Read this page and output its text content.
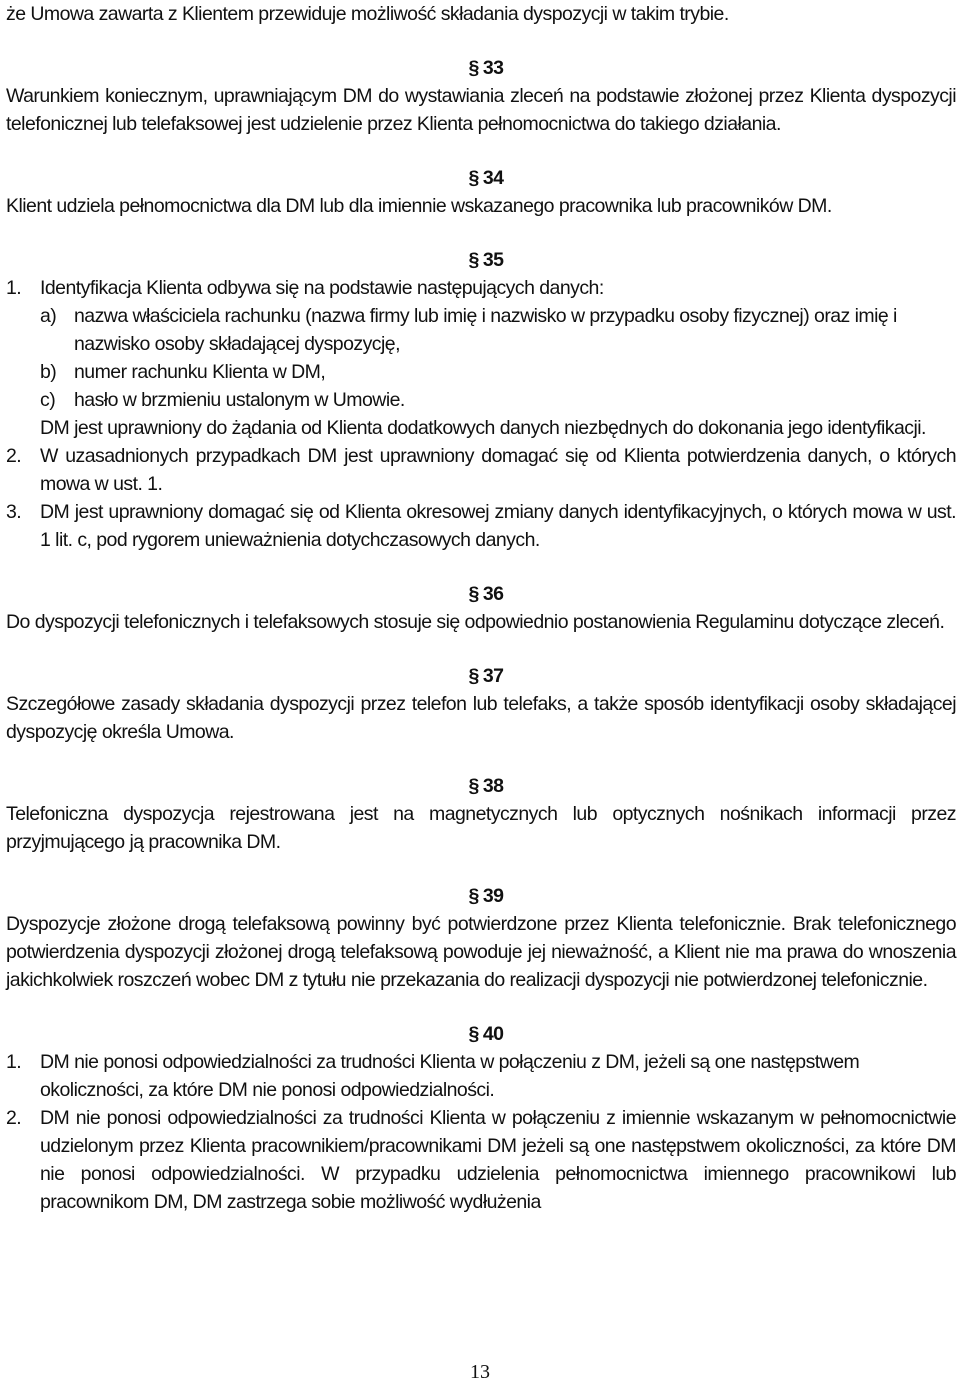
że Umowa zawarta z Klientem przewiduje możliwość składania dyspozycji w takim trybie.

§ 33

Warunkiem koniecznym, uprawniającym DM do wystawiania zleceń na podstawie złożonej przez Klienta dyspozycji telefonicznej lub telefaksowej jest udzielenie przez Klienta pełnomocnictwa do takiego działania.

§ 34

Klient udziela pełnomocnictwa dla DM lub dla imiennie wskazanego pracownika lub pracowników DM.

§ 35

1. Identyfikacja Klienta odbywa się na podstawie następujących danych:
a) nazwa właściciela rachunku (nazwa firmy lub imię i nazwisko w przypadku osoby fizycznej) oraz imię i nazwisko osoby składającej dyspozycję,
b) numer rachunku Klienta w DM,
c) hasło w brzmieniu ustalonym w Umowie.
DM jest uprawniony do żądania od Klienta dodatkowych danych niezbędnych do dokonania jego identyfikacji.
2. W uzasadnionych przypadkach DM jest uprawniony domagać się od Klienta potwierdzenia danych, o których mowa w ust. 1.
3. DM jest uprawniony domagać się od Klienta okresowej zmiany danych identyfikacyjnych, o których mowa w ust. 1 lit. c, pod rygorem unieważnienia dotychczasowych danych.

§ 36

Do dyspozycji telefonicznych i telefaksowych stosuje się odpowiednio postanowienia Regulaminu dotyczące zleceń.

§ 37

Szczegółowe zasady składania dyspozycji przez telefon lub telefaks, a także sposób identyfikacji osoby składającej dyspozycję określa Umowa.

§ 38

Telefoniczna dyspozycja rejestrowana jest na magnetycznych lub optycznych nośnikach informacji przez przyjmującego ją pracownika DM.

§ 39

Dyspozycje złożone drogą telefaksową powinny być potwierdzone przez Klienta telefonicznie. Brak telefonicznego potwierdzenia dyspozycji złożonej drogą telefaksową powoduje jej nieważność, a Klient nie ma prawa do wnoszenia jakichkolwiek roszczeń wobec DM z tytułu nie przekazania do realizacji dyspozycji nie potwierdzonej telefonicznie.

§ 40

1. DM nie ponosi odpowiedzialności za trudności Klienta w połączeniu z DM, jeżeli są one następstwem okoliczności, za które DM nie ponosi odpowiedzialności.
2. DM nie ponosi odpowiedzialności za trudności Klienta w połączeniu z imiennie wskazanym w pełnomocnictwie udzielonym przez Klienta pracownikiem/pracownikami DM jeżeli są one następstwem okoliczności, za które DM nie ponosi odpowiedzialności. W przypadku udzielenia pełnomocnictwa imiennego pracownikowi lub pracownikom DM, DM zastrzega sobie możliwość wydłużenia
13
